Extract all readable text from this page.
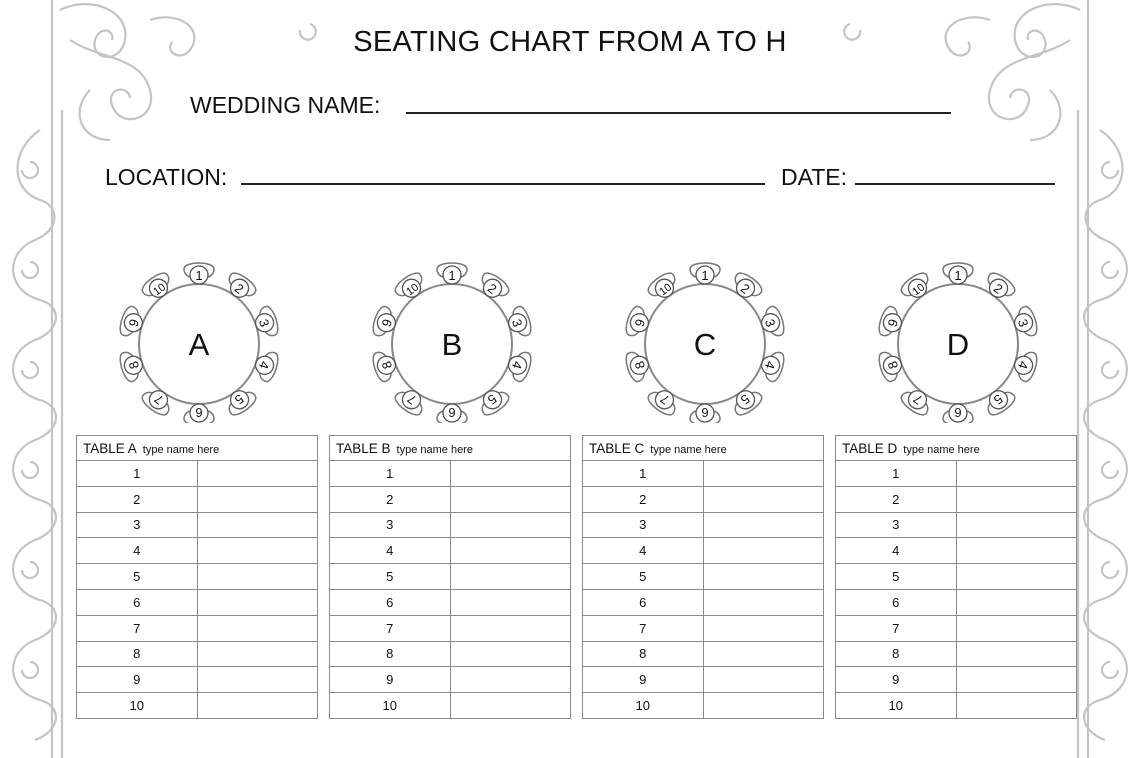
SEATING CHART FROM A TO H
WEDDING NAME:
LOCATION:	DATE:
A
1
2
3
4
5
6
7
8
9
10
B
1
2
3
4
5
6
7
8
9
10
C
1
2
3
4
5
6
7
8
9
10
D
1
2
3
4
5
6
7
8
9
10
TABLE A type name here	
1	
2	
3	
4	
5	
6	
7	
8	
9	
10	
TABLE B type name here	
1	
2	
3	
4	
5	
6	
7	
8	
9	
10	
TABLE C type name here	
1	
2	
3	
4	
5	
6	
7	
8	
9	
10	
TABLE D type name here	
1	
2	
3	
4	
5	
6	
7	
8	
9	
10	
